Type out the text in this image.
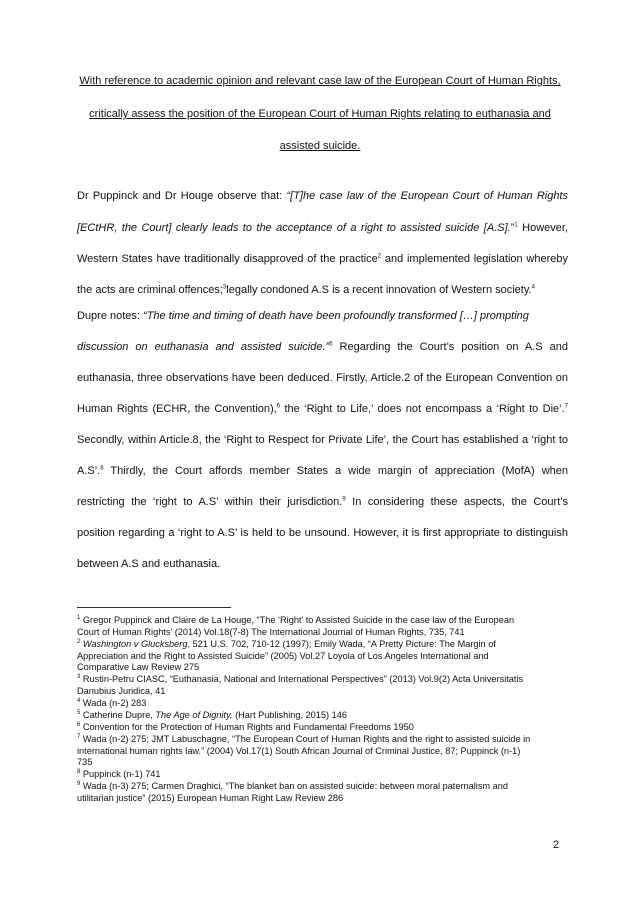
With reference to academic opinion and relevant case law of the European Court of Human Rights,
critically assess the position of the European Court of Human Rights relating to euthanasia and
assisted suicide.
Dr Puppinck and Dr Houge observe that: “[T]he case law of the European Court of Human Rights
[ECtHR, the Court] clearly leads to the acceptance of a right to assisted suicide [A.S].”$^1$ However,
Western States have traditionally disapproved of the practice$^2$ and implemented legislation whereby
the acts are criminal offences;$^3$legally condoned A.S is a recent innovation of Western society.$^4$
Dupre notes: “The time and timing of death have been profoundly transformed […] prompting
discussion on euthanasia and assisted suicide.”$^5$ Regarding the Court’s position on A.S and
euthanasia, three observations have been deduced. Firstly, Article.2 of the European Convention on
Human Rights (ECHR, the Convention),$^6$ the ‘Right to Life,’ does not encompass a ‘Right to Die’.$^7$
Secondly, within Article.8, the ‘Right to Respect for Private Life’, the Court has established a ‘right to
A.S’.$^8$ Thirdly, the Court affords member States a wide margin of appreciation (MofA) when
restricting the ‘right to A.S’ within their jurisdiction.$^9$ In considering these aspects, the Court’s
position regarding a ‘right to A.S’ is held to be unsound. However, it is first appropriate to distinguish
between A.S and euthanasia.
$^1$ Gregor Puppinck and Claire de La Houge, “The ‘Right’ to Assisted Suicide in the case law of the European
Court of Human Rights’ (2014) Vol.18(7-8) The International Journal of Human Rights, 735, 741
$^2$ Washington v Glucksberg, 521 U.S. 702, 710-12 (1997); Emily Wada, “A Pretty Picture: The Margin of
Appreciation and the Right to Assisted Suicide” (2005) Vol.27 Loyola of Los Angeles International and
Comparative Law Review 275
$^3$ Rustin-Petru CIASC, “Euthanasia, National and International Perspectives” (2013) Vol.9(2) Acta Universitatis
Danubius Juridica, 41
$^4$ Wada (n-2) 283
$^5$ Catherine Dupre, The Age of Dignity, (Hart Publishing, 2015) 146
$^6$ Convention for the Protection of Human Rights and Fundamental Freedoms 1950
$^7$ Wada (n-2) 275; JMT Labuschagne, “The European Court of Human Rights and the right to assisted suicide in
international human rights law.” (2004) Vol.17(1) South African Journal of Criminal Justice, 87; Puppinck (n-1)
735
$^8$ Puppinck (n-1) 741
$^9$ Wada (n-3) 275; Carmen Draghici, “The blanket ban on assisted suicide: between moral paternalism and
utilitarian justice” (2015) European Human Right Law Review 286
2
